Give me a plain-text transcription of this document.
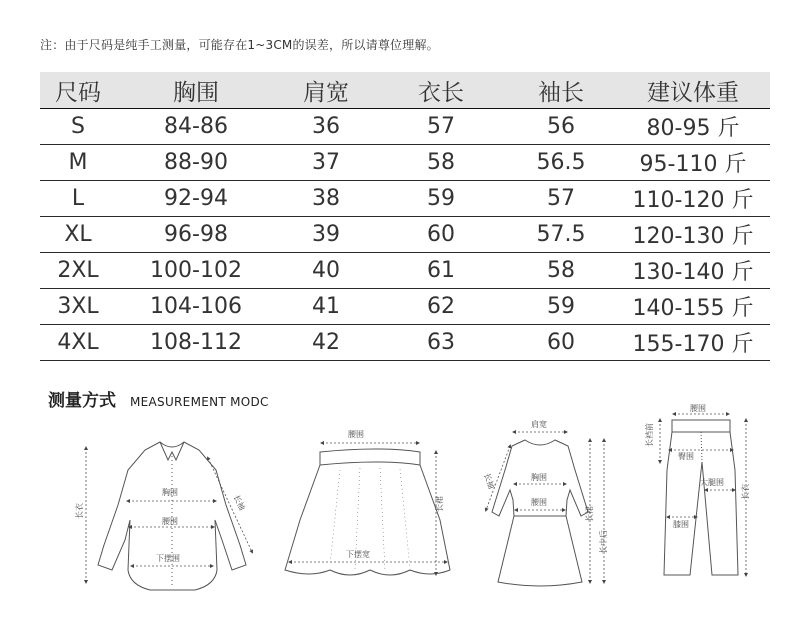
注：由于尺码是纯手工测量，可能存在1~3CM的误差，所以请尊位理解。
尺码	胸围	肩宽	衣长	袖长	建议体重
S	84-86	36	57	56	80-95 斤
M	88-90	37	58	56.5	95-110 斤
L	92-94	38	59	57	110-120 斤
XL	96-98	39	60	57.5	120-130 斤
2XL	100-102	40	61	58	130-140 斤
3XL	104-106	41	62	59	140-155 斤
4XL	108-112	42	63	60	155-170 斤
测量方式 MEASUREMENT MODC
胸围
腰围
下摆围
长衣	长袖
腰围
下摆宽
长裙
肩宽
胸围
腰围
长袖
长裙
长中后
腰围
臀围
大腿围
膝围
长裆前
长衣
